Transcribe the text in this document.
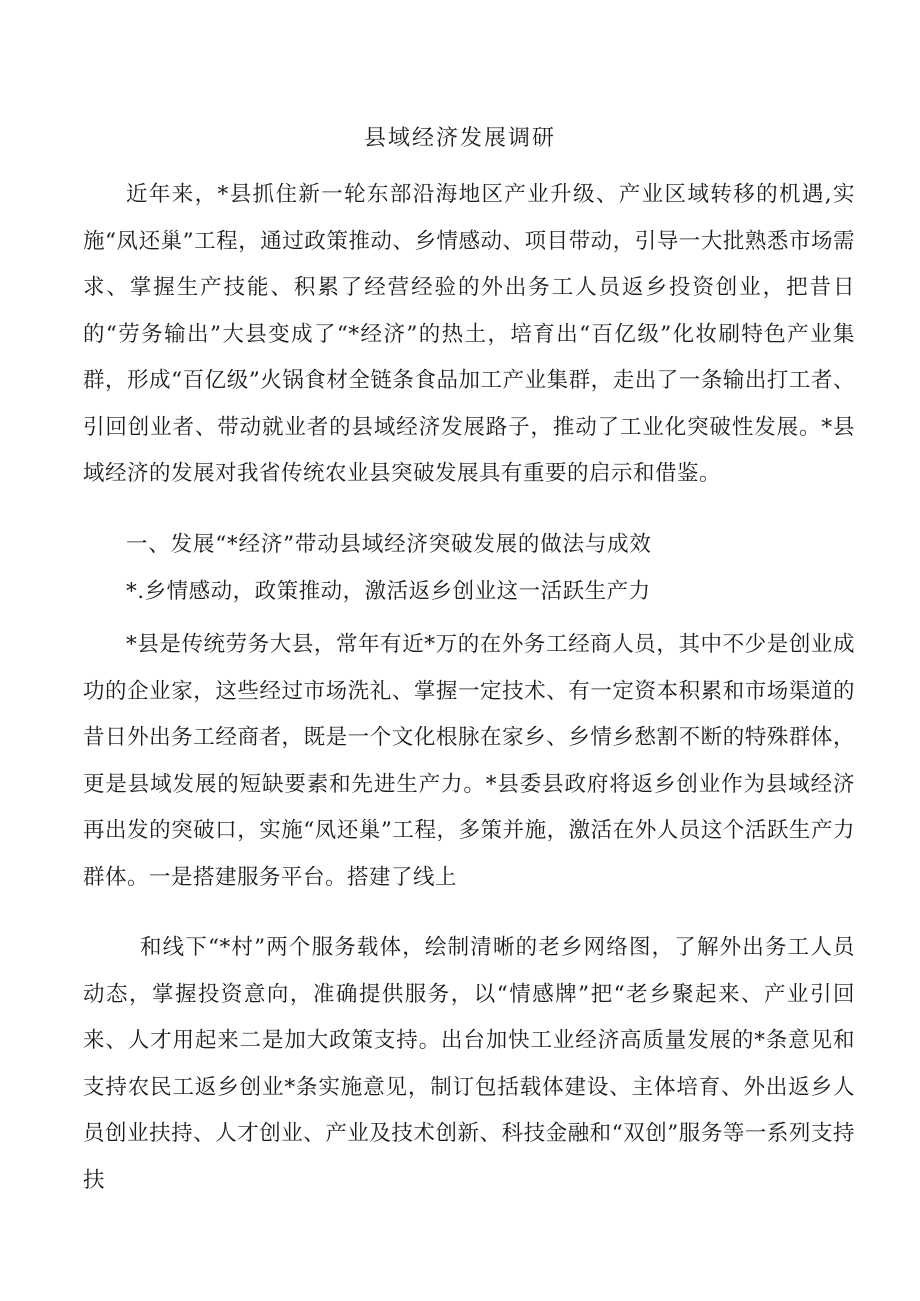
县域经济发展调研

近年来，*县抓住新一轮东部沿海地区产业升级、产业区域转移的机遇,实施“凤还巢”工程，通过政策推动、乡情感动、项目带动，引导一大批熟悉市场需求、掌握生产技能、积累了经营经验的外出务工人员返乡投资创业，把昔日的“劳务输出”大县变成了“*经济”的热土，培育出“百亿级”化妆刷特色产业集群，形成“百亿级”火锅食材全链条食品加工产业集群，走出了一条输出打工者、引回创业者、带动就业者的县域经济发展路子，推动了工业化突破性发展。*县域经济的发展对我省传统农业县突破发展具有重要的启示和借鉴。

一、发展“*经济”带动县域经济突破发展的做法与成效

*.乡情感动，政策推动，激活返乡创业这一活跃生产力

*县是传统劳务大县，常年有近*万的在外务工经商人员，其中不少是创业成功的企业家，这些经过市场洗礼、掌握一定技术、有一定资本积累和市场渠道的昔日外出务工经商者，既是一个文化根脉在家乡、乡情乡愁割不断的特殊群体，更是县域发展的短缺要素和先进生产力。*县委县政府将返乡创业作为县域经济再出发的突破口，实施“凤还巢”工程，多策并施，激活在外人员这个活跃生产力群体。一是搭建服务平台。搭建了线上

和线下“*村”两个服务载体，绘制清晰的老乡网络图，了解外出务工人员动态，掌握投资意向，准确提供服务，以“情感牌”把“老乡聚起来、产业引回来、人才用起来二是加大政策支持。出台加快工业经济高质量发展的*条意见和支持农民工返乡创业*条实施意见，制订包括载体建设、主体培育、外出返乡人员创业扶持、人才创业、产业及技术创新、科技金融和“双创”服务等一系列支持扶
